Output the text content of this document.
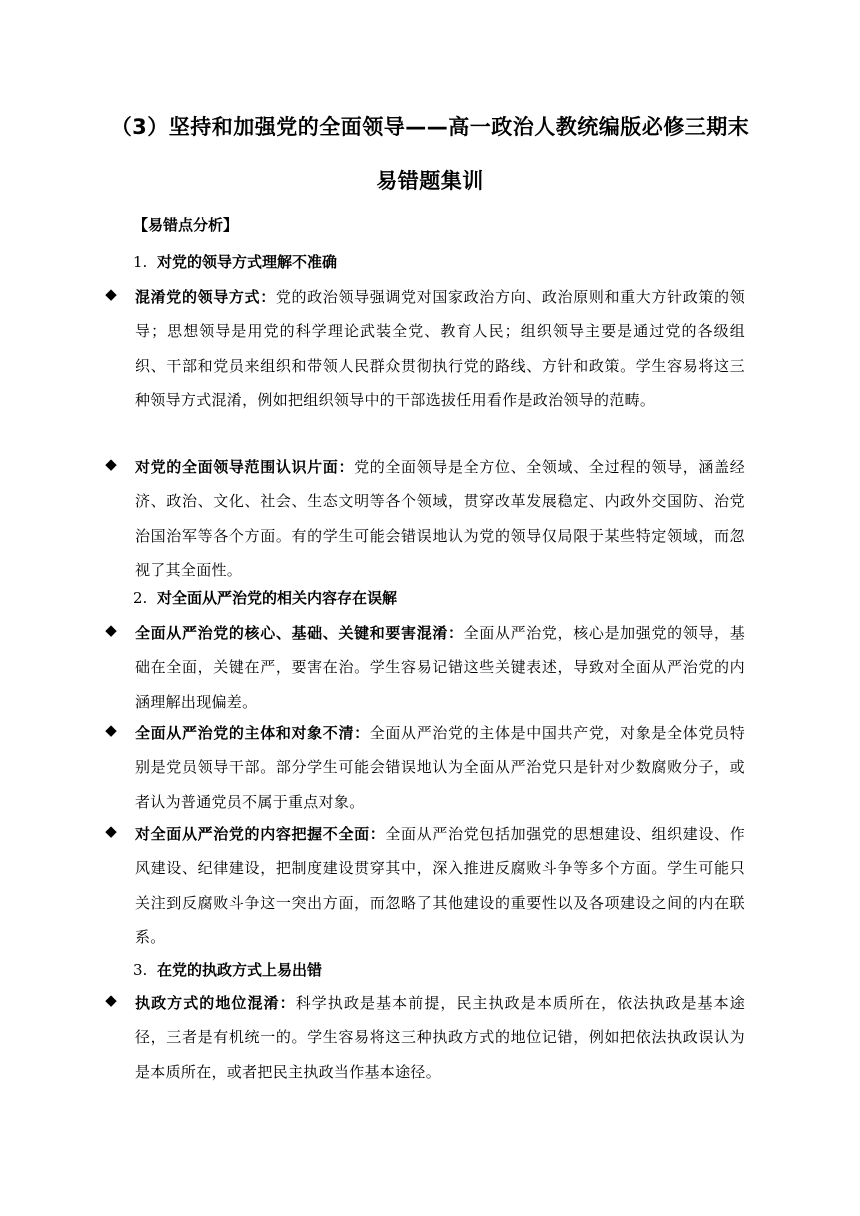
（3）坚持和加强党的全面领导——高一政治人教统编版必修三期末
易错题集训
【易错点分析】
1. 对党的领导方式理解不准确
◆ 混淆党的领导方式：党的政治领导强调党对国家政治方向、政治原则和重大方针政策的领导；思想领导是用党的科学理论武装全党、教育人民；组织领导主要是通过党的各级组织、干部和党员来组织和带领人民群众贯彻执行党的路线、方针和政策。学生容易将这三种领导方式混淆，例如把组织领导中的干部选拔任用看作是政治领导的范畴。
◆ 对党的全面领导范围认识片面：党的全面领导是全方位、全领域、全过程的领导，涵盖经济、政治、文化、社会、生态文明等各个领域，贯穿改革发展稳定、内政外交国防、治党治国治军等各个方面。有的学生可能会错误地认为党的领导仅局限于某些特定领域，而忽视了其全面性。
2. 对全面从严治党的相关内容存在误解
◆ 全面从严治党的核心、基础、关键和要害混淆：全面从严治党，核心是加强党的领导，基础在全面，关键在严，要害在治。学生容易记错这些关键表述，导致对全面从严治党的内涵理解出现偏差。
◆ 全面从严治党的主体和对象不清：全面从严治党的主体是中国共产党，对象是全体党员特别是党员领导干部。部分学生可能会错误地认为全面从严治党只是针对少数腐败分子，或者认为普通党员不属于重点对象。
◆ 对全面从严治党的内容把握不全面：全面从严治党包括加强党的思想建设、组织建设、作风建设、纪律建设，把制度建设贯穿其中，深入推进反腐败斗争等多个方面。学生可能只关注到反腐败斗争这一突出方面，而忽略了其他建设的重要性以及各项建设之间的内在联系。
3. 在党的执政方式上易出错
◆ 执政方式的地位混淆：科学执政是基本前提，民主执政是本质所在，依法执政是基本途径，三者是有机统一的。学生容易将这三种执政方式的地位记错，例如把依法执政误认为是本质所在，或者把民主执政当作基本途径。
